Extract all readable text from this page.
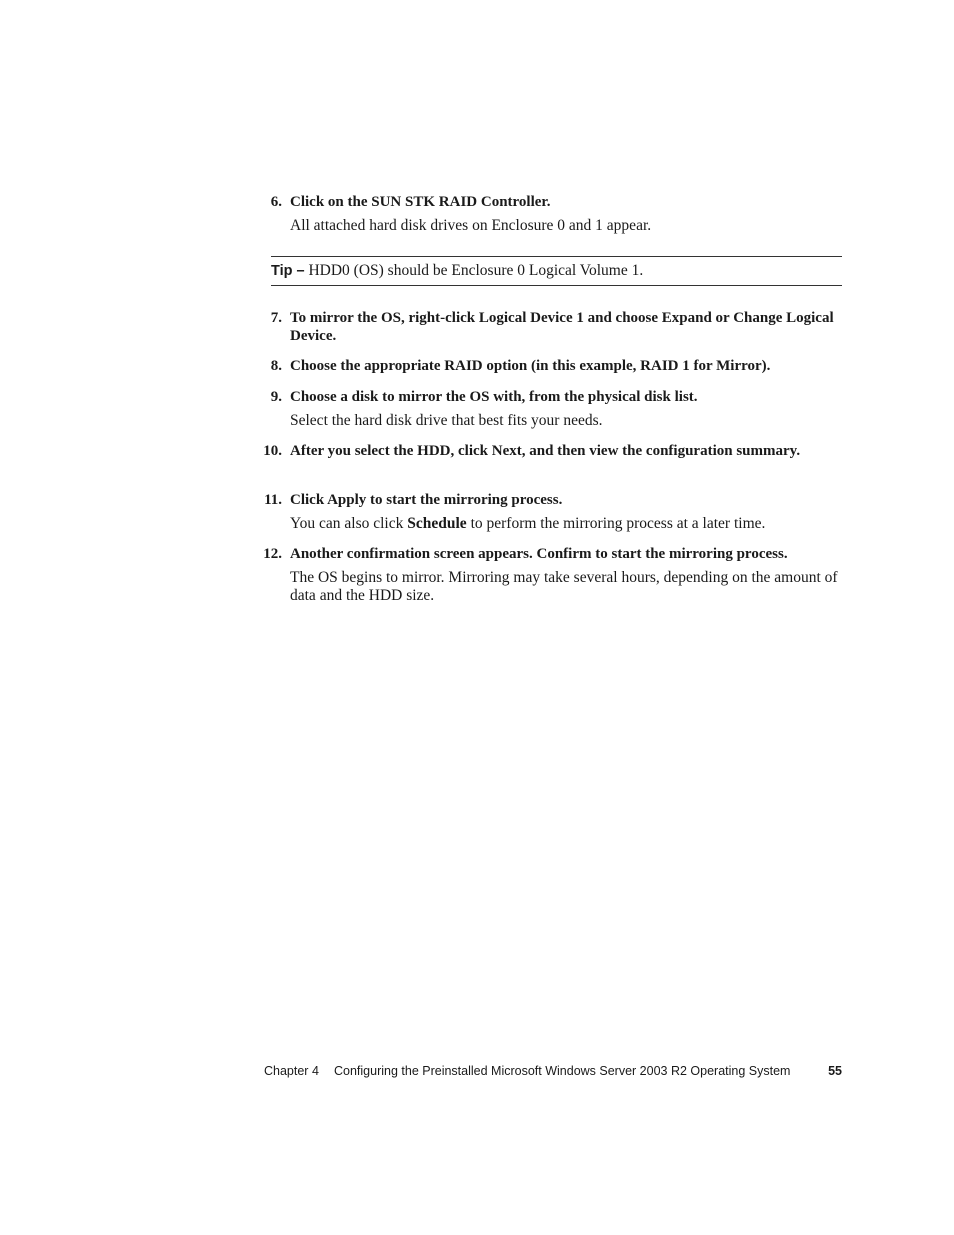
6. Click on the SUN STK RAID Controller.
All attached hard disk drives on Enclosure 0 and 1 appear.
Tip – HDD0 (OS) should be Enclosure 0 Logical Volume 1.
7. To mirror the OS, right-click Logical Device 1 and choose Expand or Change Logical Device.
8. Choose the appropriate RAID option (in this example, RAID 1 for Mirror).
9. Choose a disk to mirror the OS with, from the physical disk list.
Select the hard disk drive that best fits your needs.
10. After you select the HDD, click Next, and then view the configuration summary.
11. Click Apply to start the mirroring process.
You can also click Schedule to perform the mirroring process at a later time.
12. Another confirmation screen appears. Confirm to start the mirroring process.
The OS begins to mirror. Mirroring may take several hours, depending on the amount of data and the HDD size.
Chapter 4 Configuring the Preinstalled Microsoft Windows Server 2003 R2 Operating System	55
